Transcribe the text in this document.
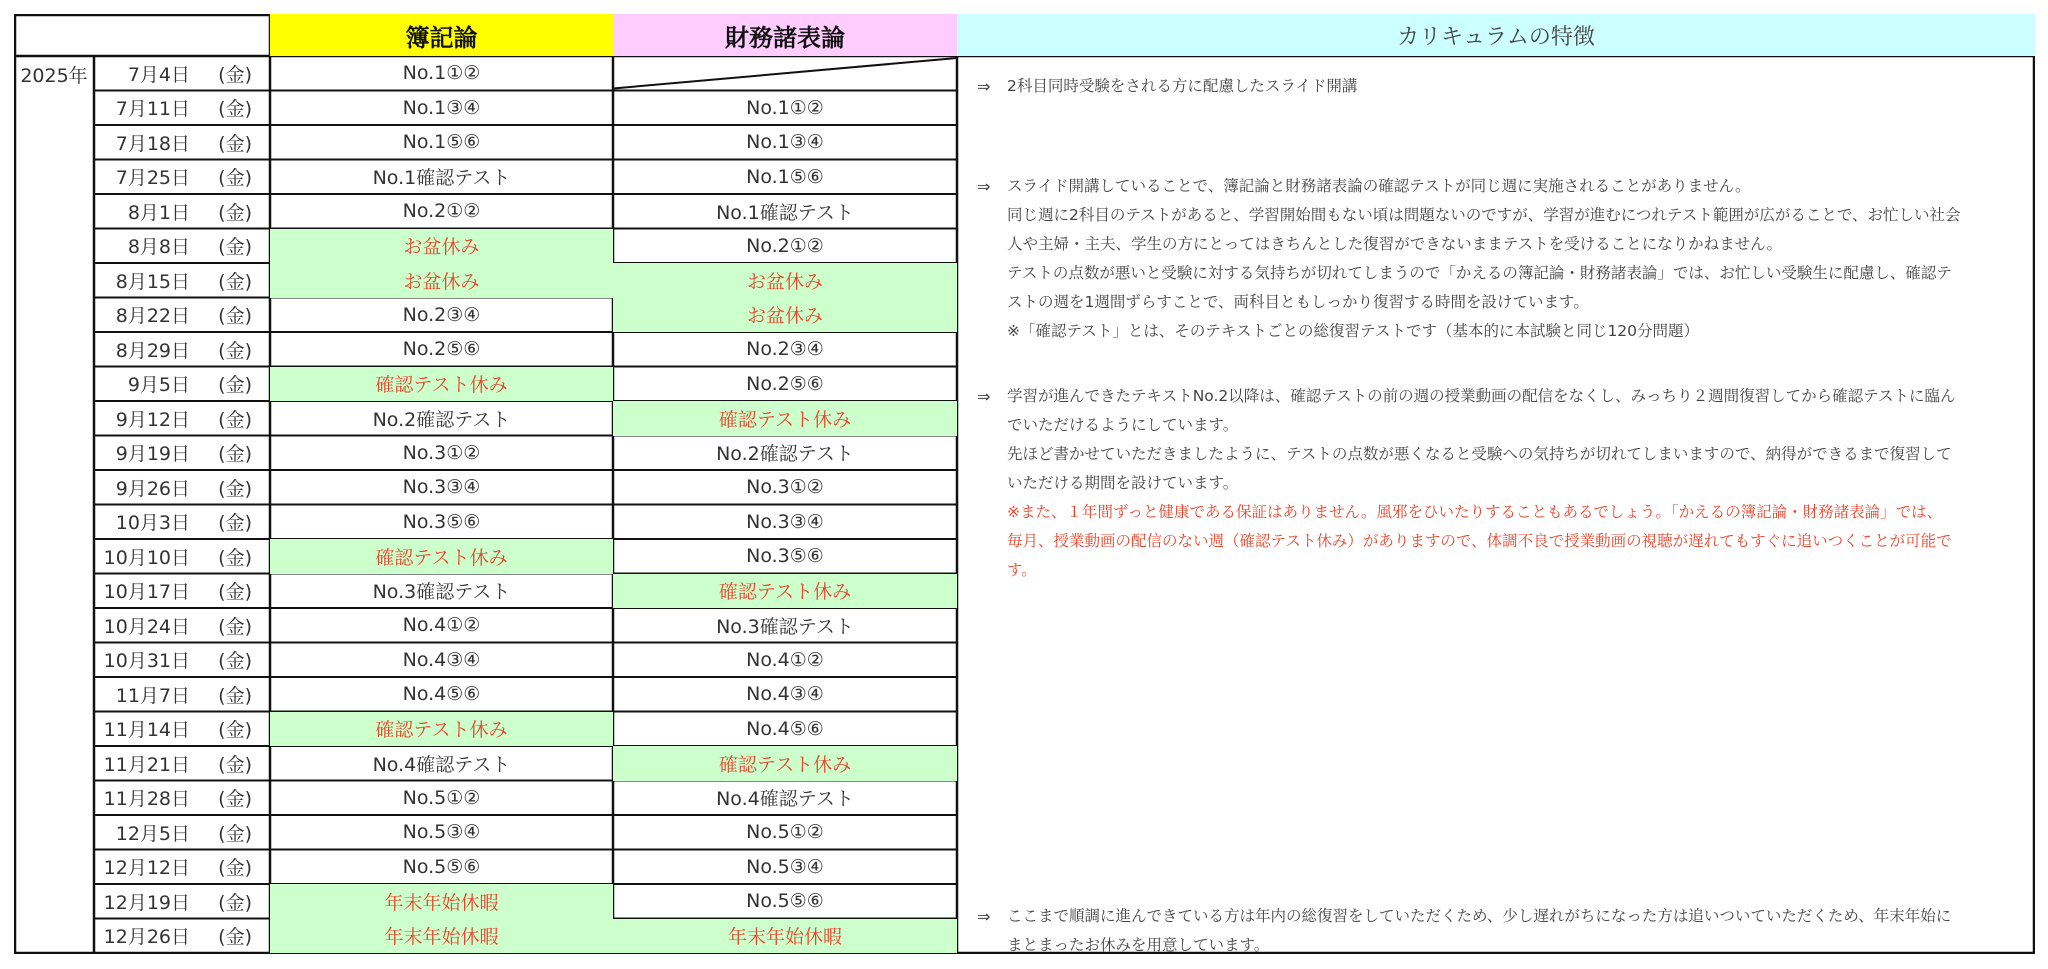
簿記論	財務諸表論	カリキュラムの特徴
2025年	7月4日 (金)	No.1①②
7月11日 (金)	No.1③④	No.1①②
7月18日 (金)	No.1⑤⑥	No.1③④
7月25日 (金)	No.1確認テスト	No.1⑤⑥
8月1日 (金)	No.2①②	No.1確認テスト
8月8日 (金)	お盆休み	No.2①②
8月15日 (金)	お盆休み	お盆休み
8月22日 (金)	No.2③④	お盆休み
8月29日 (金)	No.2⑤⑥	No.2③④
9月5日 (金)	確認テスト休み	No.2⑤⑥
9月12日 (金)	No.2確認テスト	確認テスト休み
9月19日 (金)	No.3①②	No.2確認テスト
9月26日 (金)	No.3③④	No.3①②
10月3日 (金)	No.3⑤⑥	No.3③④
10月10日 (金)	確認テスト休み	No.3⑤⑥
10月17日 (金)	No.3確認テスト	確認テスト休み
10月24日 (金)	No.4①②	No.3確認テスト
10月31日 (金)	No.4③④	No.4①②
11月7日 (金)	No.4⑤⑥	No.4③④
11月14日 (金)	確認テスト休み	No.4⑤⑥
11月21日 (金)	No.4確認テスト	確認テスト休み
11月28日 (金)	No.5①②	No.4確認テスト
12月5日 (金)	No.5③④	No.5①②
12月12日 (金)	No.5⑤⑥	No.5③④
12月19日 (金)	年末年始休暇	No.5⑤⑥
12月26日 (金)	年末年始休暇	年末年始休暇
⇒ 2科目同時受験をされる方に配慮したスライド開講
⇒ スライド開講していることで、簿記論と財務諸表論の確認テストが同じ週に実施されることがありません。
同じ週に2科目のテストがあると、学習開始間もない頃は問題ないのですが、学習が進むにつれテスト範囲が広がることで、お忙しい社会
人や主婦・主夫、学生の方にとってはきちんとした復習ができないままテストを受けることになりかねません。
テストの点数が悪いと受験に対する気持ちが切れてしまうので「かえるの簿記論・財務諸表論」では、お忙しい受験生に配慮し、確認テ
ストの週を1週間ずらすことで、両科目ともしっかり復習する時間を設けています。
※「確認テスト」とは、そのテキストごとの総復習テストです（基本的に本試験と同じ120分問題）
⇒ 学習が進んできたテキストNo.2以降は、確認テストの前の週の授業動画の配信をなくし、みっちり２週間復習してから確認テストに臨ん
でいただけるようにしています。
先ほど書かせていただきましたように、テストの点数が悪くなると受験への気持ちが切れてしまいますので、納得ができるまで復習して
いただける期間を設けています。
※また、１年間ずっと健康である保証はありません。風邪をひいたりすることもあるでしょう。「かえるの簿記論・財務諸表論」では、
毎月、授業動画の配信のない週（確認テスト休み）がありますので、体調不良で授業動画の視聴が遅れてもすぐに追いつくことが可能で
す。
⇒ ここまで順調に進んできている方は年内の総復習をしていただくため、少し遅れがちになった方は追いついていただくため、年末年始に
まとまったお休みを用意しています。
